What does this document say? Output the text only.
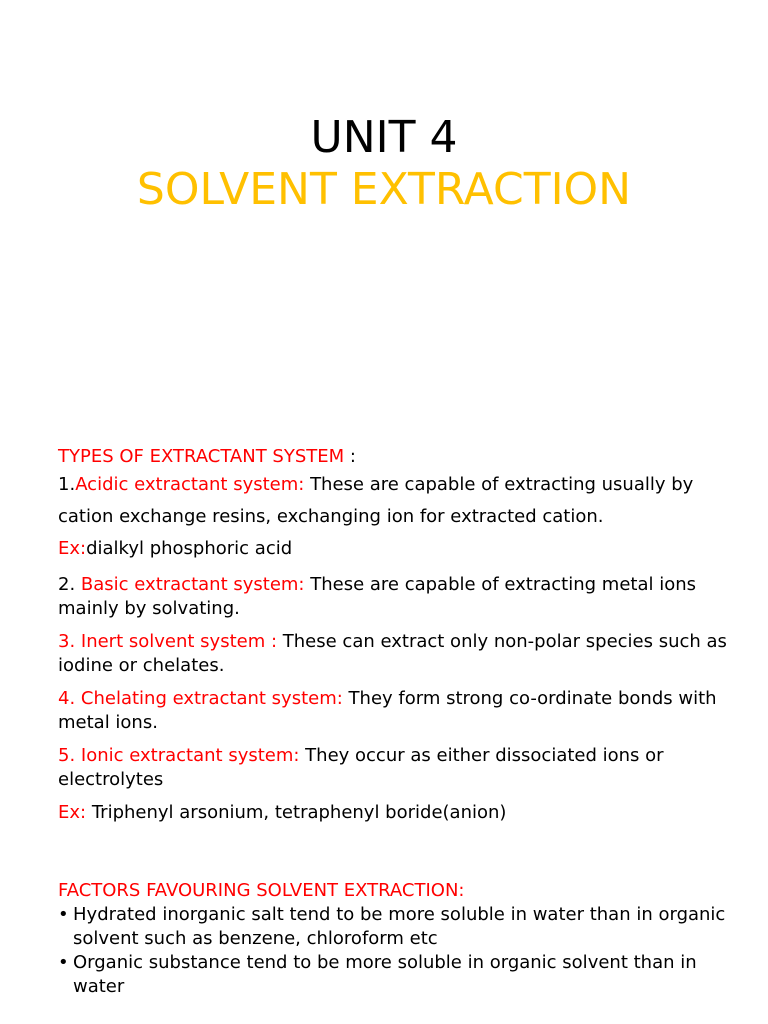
UNIT 4
SOLVENT EXTRACTION

TYPES OF EXTRACTANT SYSTEM :

1.Acidic extractant system: These are capable of extracting usually by
cation exchange resins, exchanging ion for extracted cation.

Ex:dialkyl phosphoric acid

2. Basic extractant system: These are capable of extracting metal ions mainly by solvating.

3. Inert solvent system : These can extract only non-polar species such as iodine or chelates.

4. Chelating extractant system: They form strong co-ordinate bonds with metal ions.

5. Ionic extractant system: They occur as either dissociated ions or electrolytes

Ex: Triphenyl arsonium, tetraphenyl boride(anion)

FACTORS FAVOURING SOLVENT EXTRACTION:

• Hydrated inorganic salt tend to be more soluble in water than in organic solvent such as benzene, chloroform etc

• Organic substance tend to be more soluble in organic solvent than in water
